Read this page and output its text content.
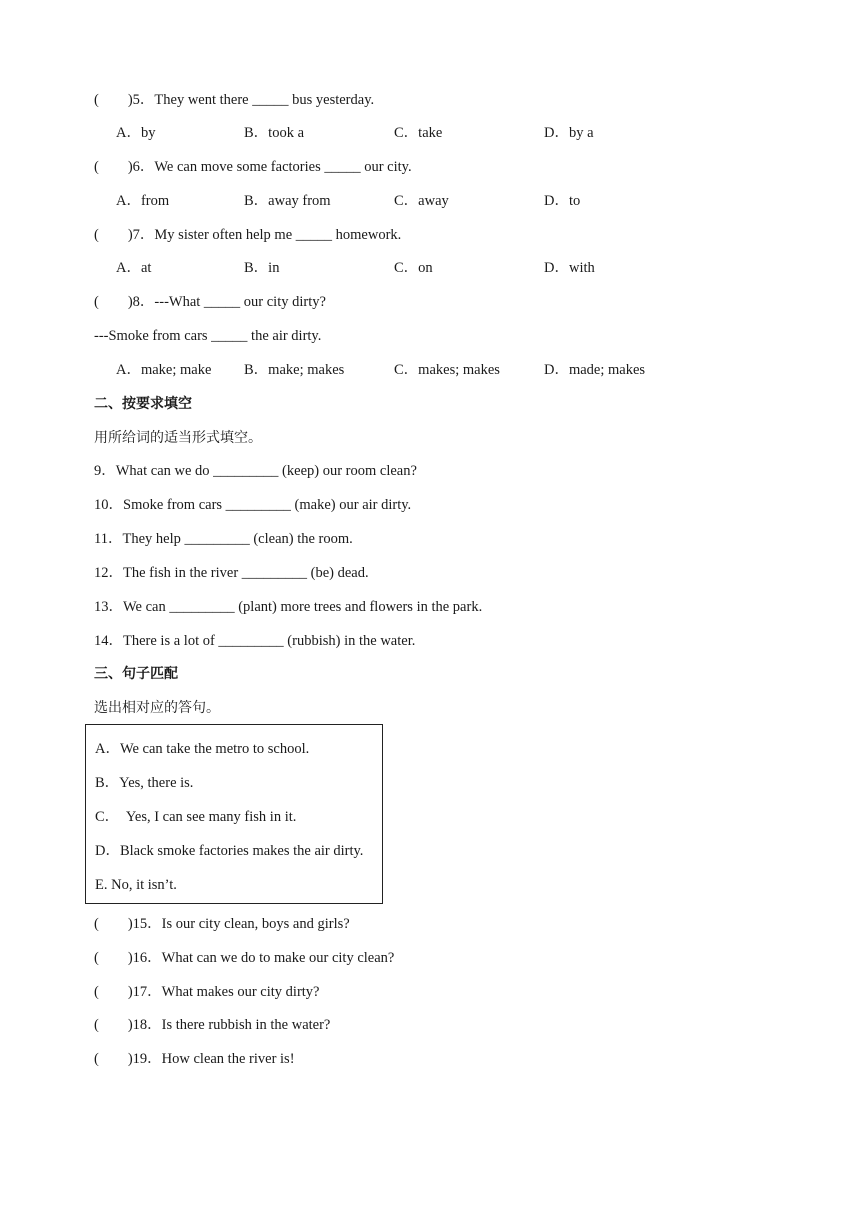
(        )5．They went there _____ bus yesterday.
A．by	B．took a	C．take	D．by a
(        )6．We can move some factories _____ our city.
A．from	B．away from	C．away	D．to
(        )7．My sister often help me _____ homework.
A．at	B．in	C．on	D．with
(        )8．---What _____ our city dirty?
---Smoke from cars _____ the air dirty.
A．make; make B．make; makes	C．makes; makes	D．made; makes
二、按要求填空
用所给词的适当形式填空。
9．What can we do _________ (keep) our room clean?
10．Smoke from cars _________ (make) our air dirty.
11．They help _________ (clean) the room.
12．The fish in the river _________ (be) dead.
13．We can _________ (plant) more trees and flowers in the park.
14．There is a lot of _________ (rubbish) in the water.
三、句子匹配
选出相对应的答句。
A．We can take the metro to school.
B．Yes, there is.
C．  Yes, I can see many fish in it.
D．Black smoke factories makes the air dirty.
E. No, it isn’t.
(        )15．Is our city clean, boys and girls?
(        )16．What can we do to make our city clean?
(        )17．What makes our city dirty?
(        )18．Is there rubbish in the water?
(        )19．How clean the river is!
